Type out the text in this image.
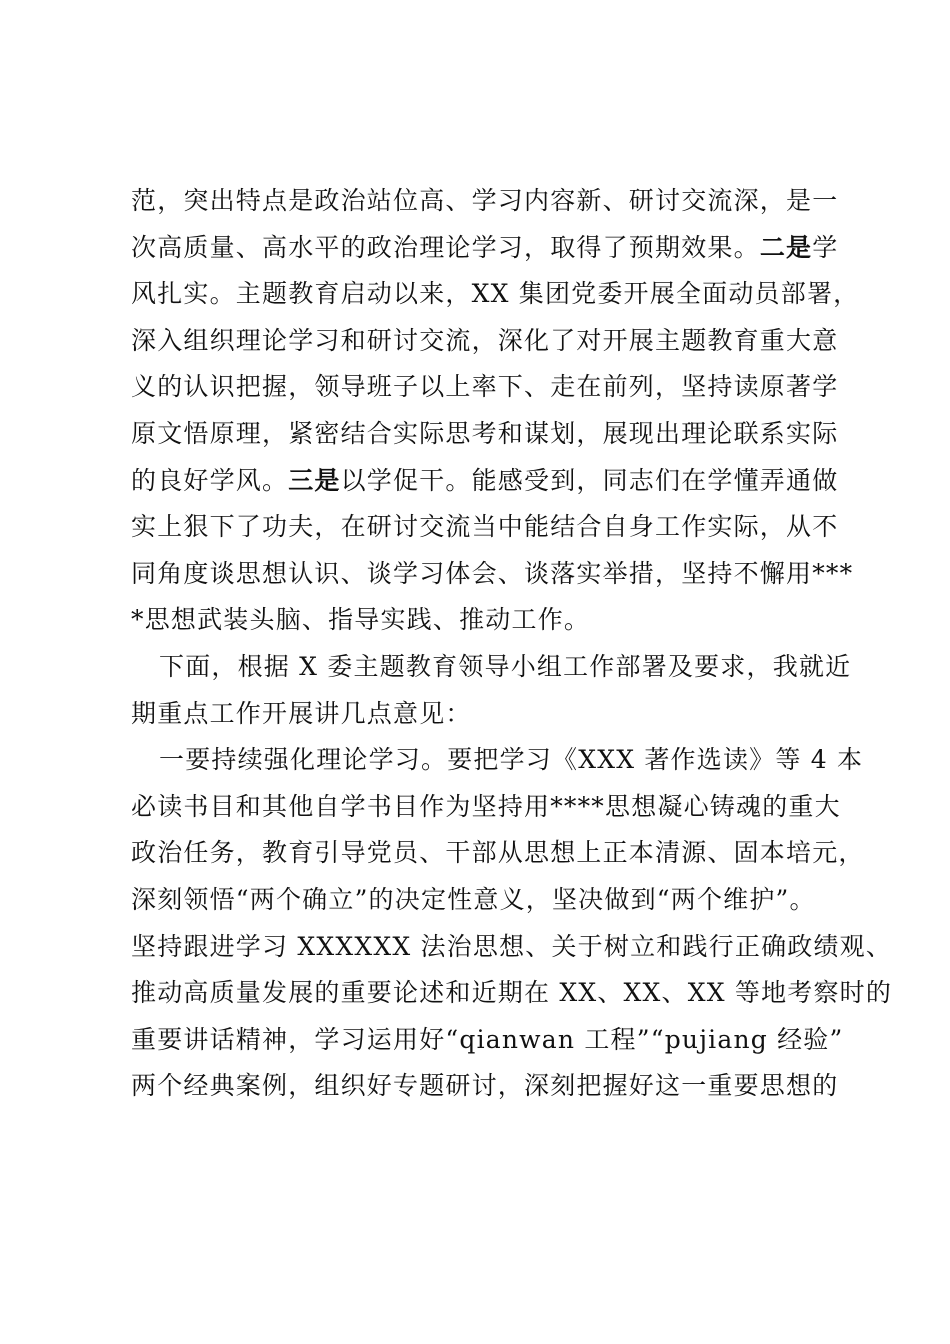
范，突出特点是政治站位高、学习内容新、研讨交流深，是一
次高质量、高水平的政治理论学习，取得了预期效果。二是学
风扎实。主题教育启动以来，XX 集团党委开展全面动员部署，
深入组织理论学习和研讨交流，深化了对开展主题教育重大意
义的认识把握，领导班子以上率下、走在前列，坚持读原著学
原文悟原理，紧密结合实际思考和谋划，展现出理论联系实际
的良好学风。三是以学促干。能感受到，同志们在学懂弄通做
实上狠下了功夫，在研讨交流当中能结合自身工作实际，从不
同角度谈思想认识、谈学习体会、谈落实举措，坚持不懈用***
*思想武装头脑、指导实践、推动工作。
下面，根据 X 委主题教育领导小组工作部署及要求，我就近
期重点工作开展讲几点意见：
一要持续强化理论学习。要把学习《XXX 著作选读》等 4 本
必读书目和其他自学书目作为坚持用****思想凝心铸魂的重大
政治任务，教育引导党员、干部从思想上正本清源、固本培元，
深刻领悟“两个确立”的决定性意义，坚决做到“两个维护”。
坚持跟进学习 XXXXXX 法治思想、关于树立和践行正确政绩观、
推动高质量发展的重要论述和近期在 XX、XX、XX 等地考察时的
重要讲话精神，学习运用好“qianwan 工程”“pujiang 经验”
两个经典案例，组织好专题研讨，深刻把握好这一重要思想的
